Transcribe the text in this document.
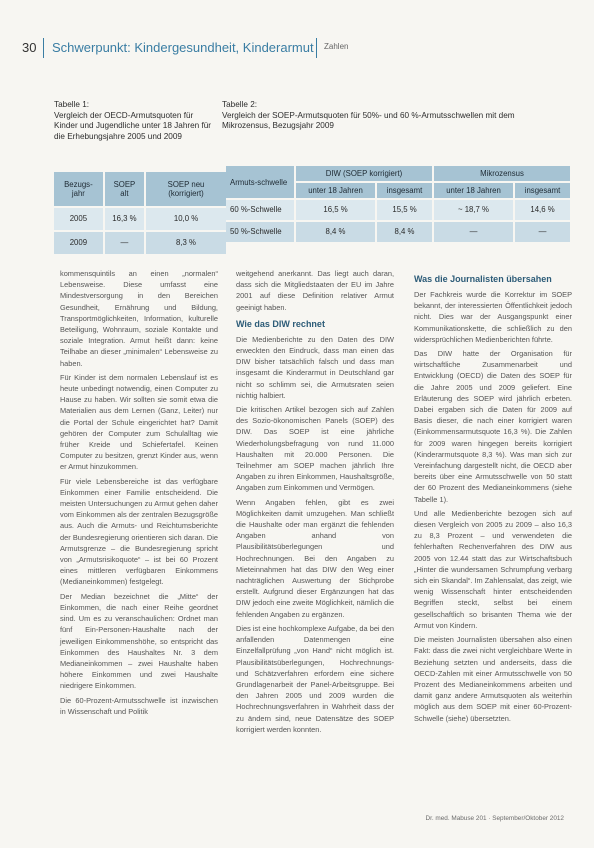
30 Schwerpunkt: Kindergesundheit, Kinderarmut Zahlen
Tabelle 1:
Vergleich der OECD-Armutsquoten für Kinder und Jugendliche unter 18 Jahren für die Erhebungsjahre 2005 und 2009
Bezugs-jahr	SOEP alt	SOEP neu (korrigiert)
2005	16,3 %	10,0 %
2009	—	8,3 %
Tabelle 2:
Vergleich der SOEP-Armutsquoten für 50%- und 60 %-Armutsschwellen mit dem Mikrozensus, Bezugsjahr 2009
Armuts-schwelle	DIW (SOEP korrigiert)		Mikrozensus	
	unter 18 Jahren	insgesamt	unter 18 Jahren	insgesamt
60 %-Schwelle	16,5 %	15,5 %	~ 18,7 %	14,6 %
50 %-Schwelle	8,4 %	8,4 %	—	—

kommensquintils an einen „normalen“ Lebensweise. Diese umfasst eine Mindestversorgung in den Bereichen Gesundheit, Ernährung und Bildung, Transportmöglichkeiten, Information, kulturelle Beteiligung, Wohnraum, soziale Kontakte und soziale Integration. Armut heißt dann: keine Teilhabe an dieser „minimalen“ Lebensweise zu haben.

Für Kinder ist dem normalen Lebenslauf ist es heute unbedingt notwendig, einen Computer zu Hause zu haben. Wir sollten sie somit etwa die Materialien aus dem Lernen (Ganz, Leiter) nur die Portal der Schule eingerichtet hat? Damit gehören der Computer zum Schulalltag wie früher Kreide und Schiefertafel. Keinen Computer zu besitzen, grenzt Kinder aus, wenn er Armut hinzukommen.

Für viele Lebensbereiche ist das verfügbare Einkommen einer Familie entscheidend. Die meisten Untersuchungen zu Armut gehen daher vom Einkommen als der zentralen Bezugsgröße aus. Auch die Armuts- und Reichtumsberichte der Bundesregierung orientieren sich daran. Die Armutsgrenze – die Bundesregierung spricht von „Armutsrisikoquote“ – ist bei 60 Prozent eines mittleren verfügbaren Einkommens (Medianeinkommen) festgelegt.

Der Median bezeichnet die „Mitte“ der Einkommen, die nach einer Reihe geordnet sind. Um es zu veranschaulichen: Ordnet man fünf Ein-Personen-Haushalte nach der jeweiligen Einkommenshöhe, so entspricht das Einkommen des Haushaltes Nr. 3 dem Medianeinkommen – zwei Haushalte haben höhere Einkommen und zwei Haushalte niedrigere Einkommen.

Die 60-Prozent-Armutsschwelle ist inzwischen in Wissenschaft und Politik

weitgehend anerkannt. Das liegt auch daran, dass sich die Mitgliedstaaten der EU im Jahre 2001 auf diese Definition relativer Armut geeinigt haben.

Wie das DIW rechnet

Die Medienberichte zu den Daten des DIW erweckten den Eindruck, dass man einen das DIW bisher tatsächlich falsch und dass man insgesamt die Kinderarmut in Deutschland gar nicht so schlimm sei, die Armutsraten seien nichtig halbiert.

Die kritischen Artikel bezogen sich auf Zahlen des Sozio-ökonomischen Panels (SOEP) des DIW. Das SOEP ist eine jährliche Wiederholungsbefragung von rund 11.000 Haushalten mit 20.000 Personen. Die Teilnehmer am SOEP machen jährlich Ihre Angaben zu ihren Einkommen, Haushaltsgröße, Angaben zum Einkommen und Vermögen.

Wenn Angaben fehlen, gibt es zwei Möglichkeiten damit umzugehen. Man schließt die Haushalte oder man ergänzt die fehlenden Angaben anhand von Plausibilitätsüberlegungen und Hochrechnungen. Bei den Angaben zu Mieteinnahmen hat das DIW den Weg einer nachträglichen Auswertung der Stichprobe erstellt. Aufgrund dieser Ergänzungen hat das DIW jedoch eine zweite Möglichkeit, nämlich die fehlenden Angaben zu ergänzen.

Dies ist eine hochkomplexe Aufgabe, da bei den anfallenden Datenmengen eine Einzelfallprüfung „von Hand“ nicht möglich ist. Plausibilitätsüberlegungen, Hochrechnungs- und Schätzverfahren erfordern eine sichere Grundlagenarbeit der Panel-Arbeitsgruppe. Bei den Jahren 2005 und 2009 wurden die Hochrechnungsverfahren in Wahrheit dass der zu ändern sind, neue Datensätze des SOEP korrigiert werden konnten.

Was die Journalisten übersahen

Der Fachkreis wurde die Korrektur im SOEP bekannt, der interessierten Öffentlichkeit jedoch nicht. Dies war der Ausgangspunkt einer Kommunikationskette, die schließlich zu den widersprüchlichen Medienberichten führte.

Das DIW hatte der Organisation für wirtschaftliche Zusammenarbeit und Entwicklung (OECD) die Daten des SOEP für die Jahre 2005 und 2009 geliefert. Eine Erläuterung des SOEP wird jährlich erbeten. Dabei ergaben sich die Daten für 2009 auf Basis dieser, die nach einer korrigiert waren (Einkommensarmutsquote 16,3 %). Die Zahlen für 2009 waren hingegen bereits korrigiert (Kinderarmutsquote 8,3 %). Was man sich zur Vereinfachung dargestellt nicht, die OECD aber bereits über eine Armutsschwelle von 50 statt der 60 Prozent des Medianeinkommens (siehe Tabelle 1).

Und alle Medienberichte bezogen sich auf diesen Vergleich von 2005 zu 2009 – also 16,3 zu 8,3 Prozent – und verwendeten die fehlerhaften Rechenverfahren des DIW aus 2005 von 12.44 statt das zur Wirtschaftsbuch „Hinter die wundersamen Schrumpfung verbarg sich ein Skandal“. Im Zahlensalat, das zeigt, wie wenig Wissenschaft hinter entscheidenden Begriffen steckt, selbst bei einem gesellschaftlich so brisanten Thema wie der Armut von Kindern.

Die meisten Journalisten übersahen also einen Fakt: dass die zwei nicht vergleichbare Werte in Beziehung setzten und anderseits, dass die OECD-Zahlen mit einer Armutsschwelle von 50 Prozent des Medianeinkommens arbeiten und damit ganz andere Armutsquoten als weiterhin möglich aus dem SOEP mit einer 60-Prozent-Schwelle (siehe) übersetzten.

Dr. med. Mabuse 201 · September/Oktober 2012
